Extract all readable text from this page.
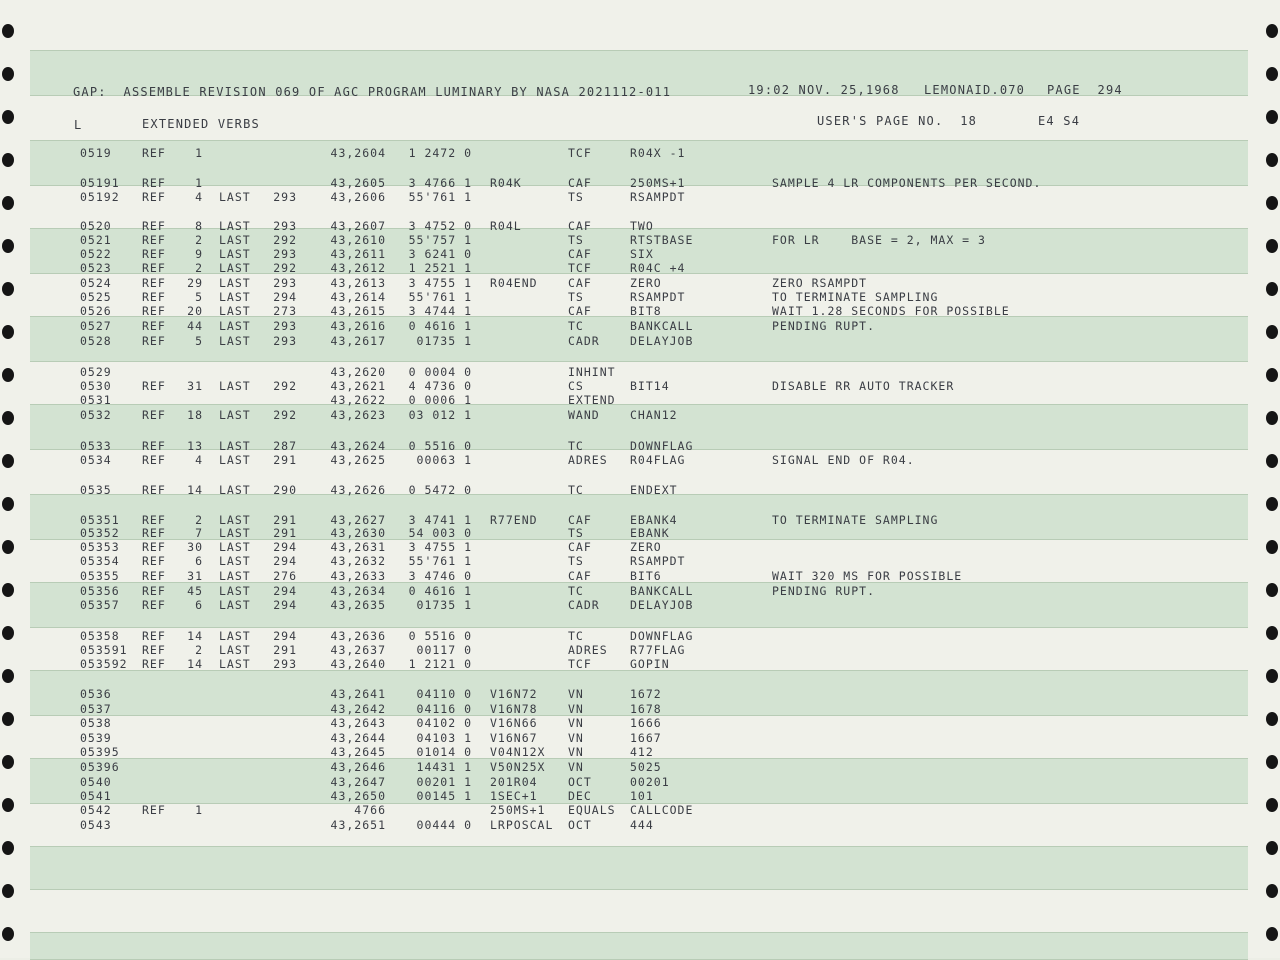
GAP:  ASSEMBLE REVISION 069 OF AGC PROGRAM LUMINARY BY NASA 2021112-011	19:02 NOV. 25,1968 LEMONAID.070 PAGE  294
L	EXTENDED VERBS	USER'S PAGE NO.  18	E4 S4
0519	REF	1	43,2604 1 2472 0	TCF	R04X -1
05191 REF	1	43,2605 3 4766 1 R04K	CAF	250MS+1	SAMPLE 4 LR COMPONENTS PER SECOND.
05192 REF	4 LAST 293	43,2606 55'761 1	TS	RSAMPDT
0520	REF	8 LAST 293	43,2607 3 4752 0 R04L	CAF	TWO
0521	REF	2 LAST 292	43,2610 55'757 1	TS	RTSTBASE	FOR LR    BASE = 2, MAX = 3
0522	REF	9 LAST 293	43,2611 3 6241 0	CAF	SIX
0523	REF	2 LAST 292	43,2612 1 2521 1	TCF	R04C +4
0524	REF 29 LAST 293	43,2613 3 4755 1 R04END	CAF	ZERO	ZERO RSAMPDT
0525	REF	5 LAST 294	43,2614 55'761 1	TS	RSAMPDT	TO TERMINATE SAMPLING
0526	REF 20 LAST 273	43,2615 3 4744 1	CAF	BIT8	WAIT 1.28 SECONDS FOR POSSIBLE
0527	REF 44 LAST 293	43,2616 0 4616 1	TC	BANKCALL	PENDING RUPT.
0528	REF	5 LAST 293	43,2617	01735 1	CADR	DELAYJOB
0529	43,2620 0 0004 0	INHINT
0530	REF 31 LAST 292	43,2621 4 4736 0	CS	BIT14	DISABLE RR AUTO TRACKER
0531	43,2622 0 0006 1	EXTEND
0532	REF 18 LAST 292	43,2623 03 012 1	WAND	CHAN12
0533	REF 13 LAST 287	43,2624 0 5516 0	TC	DOWNFLAG
0534	REF	4 LAST 291	43,2625	00063 1	ADRES R04FLAG	SIGNAL END OF R04.
0535	REF 14 LAST 290	43,2626 0 5472 0	TC	ENDEXT
05351 REF	2 LAST 291	43,2627 3 4741 1 R77END	CAF	EBANK4	TO TERMINATE SAMPLING
05352 REF	7 LAST 291	43,2630 54 003 0	TS	EBANK
05353 REF 30 LAST 294	43,2631 3 4755 1	CAF	ZERO
05354 REF	6 LAST 294	43,2632 55'761 1	TS	RSAMPDT
05355 REF 31 LAST 276	43,2633 3 4746 0	CAF	BIT6	WAIT 320 MS FOR POSSIBLE
05356 REF 45 LAST 294	43,2634 0 4616 1	TC	BANKCALL	PENDING RUPT.
05357 REF	6 LAST 294	43,2635	01735 1	CADR	DELAYJOB
05358 REF 14 LAST 294	43,2636 0 5516 0	TC	DOWNFLAG
053591 REF	2 LAST 291	43,2637	00117 0	ADRES R77FLAG
053592 REF 14 LAST 293	43,2640 1 2121 0	TCF	GOPIN
0536	43,2641	04110 0 V16N72	VN	1672
0537	43,2642	04116 0 V16N78	VN	1678
0538	43,2643	04102 0 V16N66	VN	1666
0539	43,2644	04103 1 V16N67	VN	1667
05395	43,2645	01014 0 V04N12X VN	412
05396	43,2646	14431 1 V50N25X VN	5025
0540	43,2647	00201 1 201R04	OCT	00201
0541	43,2650	00145 1 1SEC+1	DEC	101
0542	REF	1	4766	250MS+1 EQUALS CALLCODE
0543	43,2651	00444 0 LRPOSCAL OCT	444
